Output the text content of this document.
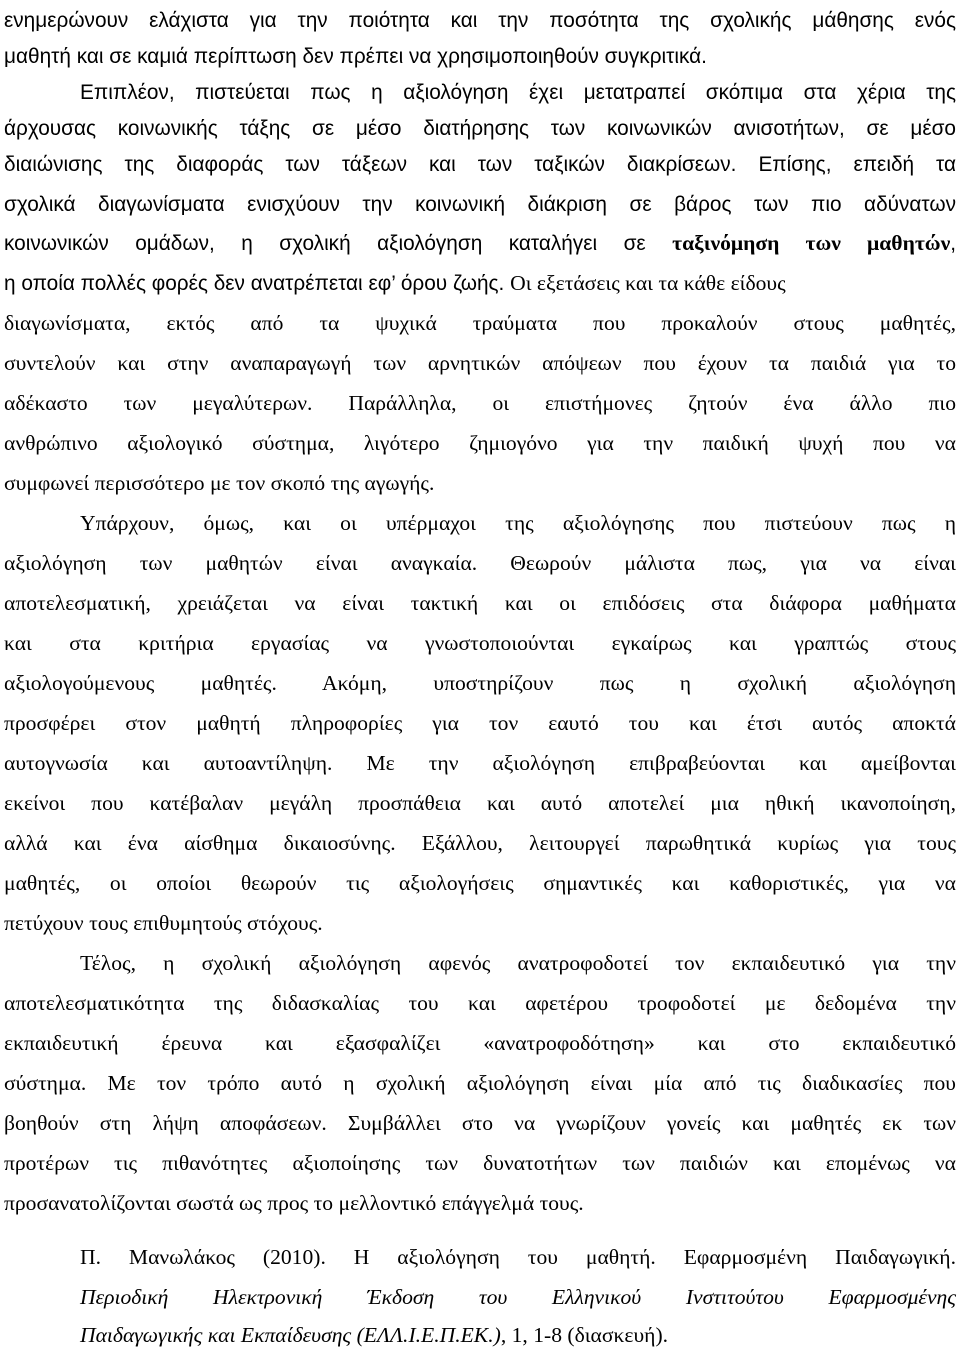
ενημερώνουν ελάχιστα για την ποιότητα και την ποσότητα της σχολικής μάθησης ενός
μαθητή και σε καμιά περίπτωση δεν πρέπει να χρησιμοποιηθούν συγκριτικά.
Επιπλέον, πιστεύεται πως η αξιολόγηση έχει μετατραπεί σκόπιμα στα χέρια της
άρχουσας κοινωνικής τάξης σε μέσο διατήρησης των κοινωνικών ανισοτήτων, σε μέσο
διαιώνισης της διαφοράς των τάξεων και των ταξικών διακρίσεων. Επίσης, επειδή τα
σχολικά διαγωνίσματα ενισχύουν την κοινωνική διάκριση σε βάρος των πιο αδύνατων
κοινωνικών ομάδων, η σχολική αξιολόγηση καταλήγει σε ταξινόμηση των μαθητών,
η οποία πολλές φορές δεν ανατρέπεται εφ’ όρου ζωής. Οι εξετάσεις και τα κάθε είδους
διαγωνίσματα, εκτός από τα ψυχικά τραύματα που προκαλούν στους μαθητές,
συντελούν και στην αναπαραγωγή των αρνητικών απόψεων που έχουν τα παιδιά για το
αδέκαστο των μεγαλύτερων. Παράλληλα, οι επιστήμονες ζητούν ένα άλλο πιο
ανθρώπινο αξιολογικό σύστημα, λιγότερο ζημιογόνο για την παιδική ψυχή που να
συμφωνεί περισσότερο με τον σκοπό της αγωγής.
Υπάρχουν, όμως, και οι υπέρμαχοι της αξιολόγησης που πιστεύουν πως η
αξιολόγηση των μαθητών είναι αναγκαία. Θεωρούν μάλιστα πως, για να είναι
αποτελεσματική, χρειάζεται να είναι τακτική και οι επιδόσεις στα διάφορα μαθήματα
και στα κριτήρια εργασίας να γνωστοποιούνται εγκαίρως και γραπτώς στους
αξιολογούμενους μαθητές. Ακόμη, υποστηρίζουν πως η σχολική αξιολόγηση
προσφέρει στον μαθητή πληροφορίες για τον εαυτό του και έτσι αυτός αποκτά
αυτογνωσία και αυτοαντίληψη. Με την αξιολόγηση επιβραβεύονται και αμείβονται
εκείνοι που κατέβαλαν μεγάλη προσπάθεια και αυτό αποτελεί μια ηθική ικανοποίηση,
αλλά και ένα αίσθημα δικαιοσύνης. Εξάλλου, λειτουργεί παρωθητικά κυρίως για τους
μαθητές, οι οποίοι θεωρούν τις αξιολογήσεις σημαντικές και καθοριστικές, για να
πετύχουν τους επιθυμητούς στόχους.
Τέλος, η σχολική αξιολόγηση αφενός ανατροφοδοτεί τον εκπαιδευτικό για την
αποτελεσματικότητα της διδασκαλίας του και αφετέρου τροφοδοτεί με δεδομένα την
εκπαιδευτική έρευνα και εξασφαλίζει «ανατροφοδότηση» και στο εκπαιδευτικό
σύστημα. Με τον τρόπο αυτό η σχολική αξιολόγηση είναι μία από τις διαδικασίες που
βοηθούν στη λήψη αποφάσεων. Συμβάλλει στο να γνωρίζουν γονείς και μαθητές εκ των
προτέρων τις πιθανότητες αξιοποίησης των δυνατοτήτων των παιδιών και επομένως να
προσανατολίζονται σωστά ως προς το μελλοντικό επάγγελμά τους.
Π. Μανωλάκος (2010). Η αξιολόγηση του μαθητή. Εφαρμοσμένη Παιδαγωγική.
Περιοδική Ηλεκτρονική Έκδοση του Ελληνικού Ινστιτούτου Εφαρμοσμένης
Παιδαγωγικής και Εκπαίδευσης (ΕΛΛ.Ι.Ε.Π.ΕΚ.), 1, 1-8 (διασκευή).
